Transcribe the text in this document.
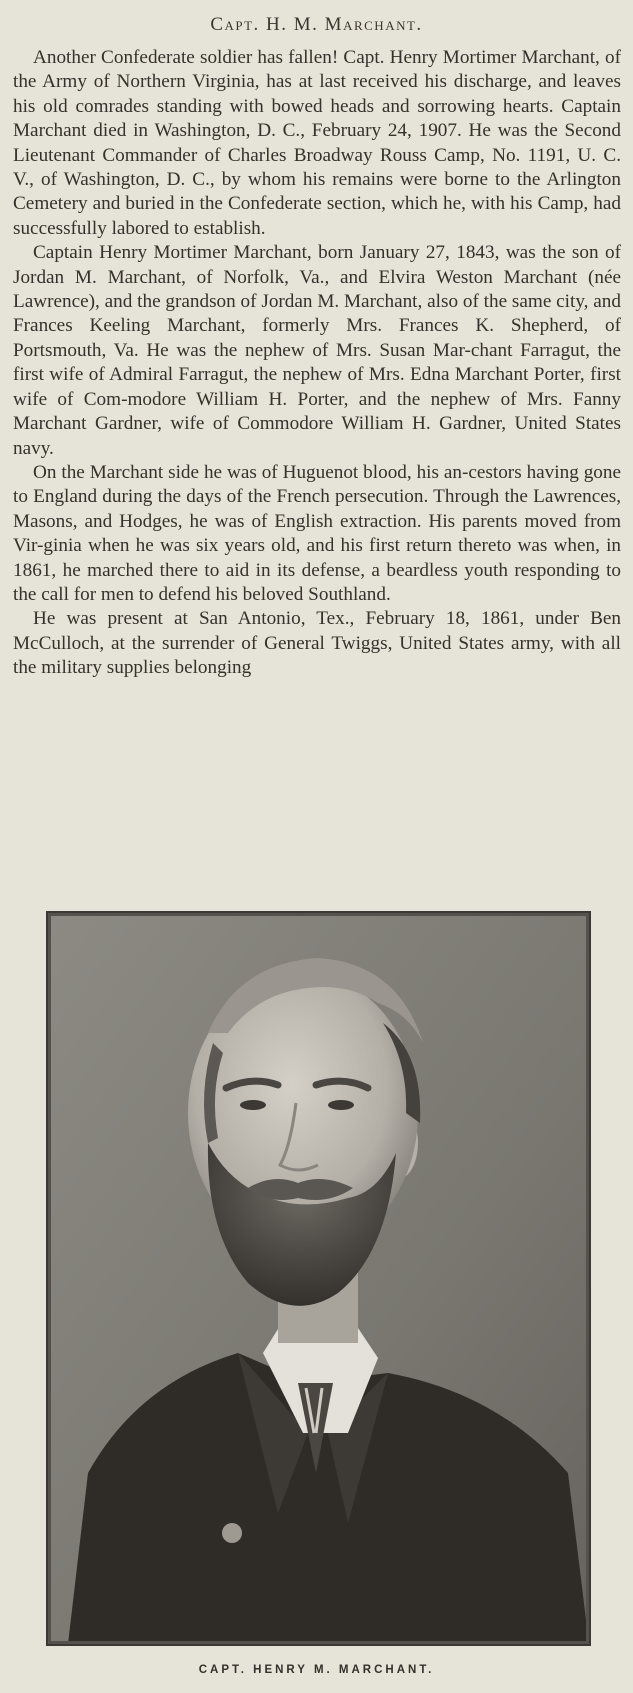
Capt. H. M. Marchant.

Another Confederate soldier has fallen! Capt. Henry Mortimer Marchant, of the Army of Northern Virginia, has at last received his discharge, and leaves his old comrades standing with bowed heads and sorrowing hearts. Captain Marchant died in Washington, D. C., February 24, 1907. He was the Second Lieutenant Commander of Charles Broadway Rouss Camp, No. 1191, U. C. V., of Washington, D. C., by whom his remains were borne to the Arlington Cemetery and buried in the Confederate section, which he, with his Camp, had successfully labored to establish.

Captain Henry Mortimer Marchant, born January 27, 1843, was the son of Jordan M. Marchant, of Norfolk, Va., and Elvira Weston Marchant (née Lawrence), and the grandson of Jordan M. Marchant, also of the same city, and Frances Keeling Marchant, formerly Mrs. Frances K. Shepherd, of Portsmouth, Va. He was the nephew of Mrs. Susan Mar-chant Farragut, the first wife of Admiral Farragut, the nephew of Mrs. Edna Marchant Porter, first wife of Com-modore William H. Porter, and the nephew of Mrs. Fanny Marchant Gardner, wife of Commodore William H. Gardner, United States navy.

On the Marchant side he was of Huguenot blood, his an-cestors having gone to England during the days of the French persecution. Through the Lawrences, Masons, and Hodges, he was of English extraction. His parents moved from Vir-ginia when he was six years old, and his first return thereto was when, in 1861, he marched there to aid in its defense, a beardless youth responding to the call for men to defend his beloved Southland.

He was present at San Antonio, Tex., February 18, 1861, under Ben McCulloch, at the surrender of General Twiggs, United States army, with all the military supplies belonging

CAPT. HENRY M. MARCHANT.
